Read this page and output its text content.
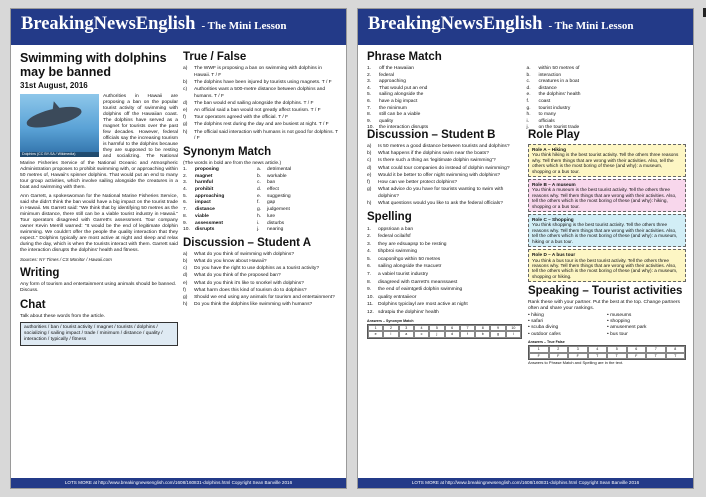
BreakingNewsEnglish - The Mini Lesson
Swimming with dolphins may be banned
31st August, 2016
Dolphins (CC BY-SA / Wikimedia)

Authorities in Hawaii are proposing a ban on the popular tourist activity of swimming with dolphins off the Hawaiian coast. The dolphins have served as a magnet for tourists over the past few decades. However, federal officials say the increasing tourism is harmful to the dolphins because they are supposed to be resting and socializing. The National Marine Fisheries Service of the National Oceanic and Atmospheric Administration proposes to prohibit swimming with, or approaching within 50 metres of, Hawaii's spinner dolphins. That would put an end to many tour group activities, which involve sailing alongside the creatures in a boat and swimming with them.

Ann Garrett, a spokeswoman for the National Marine Fisheries Service, said she didn't think the ban would have a big impact on the tourist trade in Hawaii. Ms Garrett said: "We think that by identifying 50 metres as the minimum distance, there still can be a viable tourist industry in Hawaii." Tour operators disagreed with Garrett's assessment. Tour company owner Kevin Merrill warned: "It would be the end of legitimate dolphin swimming. We couldn't offer the people the quality interaction that they expect." Dolphins typically are most active at night and sleep and relax during the day, which is when the tourists interact with them. Garrett said the interaction disrupts the dolphins' health and fitness.

Sources: NY Times / CS Monitor / Hawaii.com

Writing
Any form of tourism and entertainment using animals should be banned. Discuss.
Chat
Talk about these words from the article.
authorities / ban / tourist activity / magnet / tourists / dolphins / socializing / sailing impact / trade / minimum / distance / quality / interaction / typically / fitness
True / False
a)	The WWF is proposing a ban on swimming with dolphins in Hawaii. T / F
b)	The dolphins have been injured by tourists using magnets. T / F
c)	Authorities want a 500-metre distance between dolphins and humans. T / F
d)	The ban would end sailing alongside the dolphins. T / F
e)	An official said a ban would not greatly affect tourism. T / F
f)	Tour operators agreed with the official. T / F
g)	The dolphins rest during the day and are busiest at night. T / F
h)	The official said interaction with humans is not good for dolphins. T / F
Synonym Match
(The words in bold are from the news article.)
1.	proposing	a.	detrimental
2.	magnet	b.	workable
3.	harmful	c.	ban
4.	prohibit	d.	effect
5.	approaching	e.	suggesting
6.	impact	f.	gap
7.	distance	g.	judgement
8.	viable	h.	lure
9.	assessment	i.	disturbs
10.	disrupts	j.	nearing
Discussion – Student A
a)	What do you think of swimming with dolphins?
b)	What do you know about Hawaii?
c)	Do you have the right to use dolphins as a tourist activity?
d)	What do you think of the proposed ban?
e)	What do you think it's like to snorkel with dolphins?
f)	What harm does this kind of tourism do to dolphins?
g)	Should we end using any animals for tourism and entertainment?
h)	Do you think the dolphins like swimming with humans?
LOTS MORE at http://www.breakingnewsenglish.com/1608/160831-dolphins.html Copyright Sean Banville 2016
BreakingNewsEnglish - The Mini Lesson
Phrase Match
1.	off the Hawaiian	a.	within 50 metres of
2.	federal	b.	interaction
3.	approaching	c.	creatures in a boat
4.	That would put an end	d.	distance
5.	sailing alongside the	e.	the dolphins' health
6.	have a big impact	f.	coast
7.	the minimum	g.	tourist industry
8.	still can be a viable	h.	to many
9.	quality	i.	officials
10.	the interaction disrupts	j.	on the tourist trade
Discussion – Student B
a)	Is 50 metres a good distance between tourists and dolphins?
b)	What happens if the dolphins swim near the boats?
c)	Is there such a thing as 'legitimate dolphin swimming'?
d)	What could tour companies do instead of dolphin swimming?
e)	Would it be better to offer night swimming with dolphins?
f)	How can we better protect dolphins?
g)	What advice do you have for tourists wanting to swim with dolphins?
h)	What questions would you like to ask the federal officials?
Spelling
1.	oppsrioan a ban
2.	federal ocilaifsf
3.	they are edsuapsp to be resting
4.	tihpbroi swimming
5.	ocaponihgo within 50 metres
6.	sailing alongside the rsacuetr
7.	a vabiel tourist industry
8.	disagreed with Garrett's meanssaest
9.	the end of eaimtgetli dolphin swimming
10. quality entntaiieor
11. Dolphins typiclayl are most active at night
12. sdratpiu the dolphins' health
Answers – Synonym Match
1	2	3	4	5	6	7	8	9	10
e	l	a	c	j	d	f	b	g	i
Role Play
Role A – Hiking
You think hiking is the best tourist activity. Tell the others three reasons why. Tell them things that are wrong with their activities. Also, tell the others which is the most boring of these (and why): a museum, shopping or a bus tour.
Role B – A museum
You think a museum is the best tourist activity. Tell the others three reasons why. Tell them things that are wrong with their activities. Also, tell the others which is the most boring of these (and why): hiking, shopping or a bus tour.
Role C – Shopping
You think shopping is the best tourist activity. Tell the others three reasons why. Tell them things that are wrong with their activities. Also, tell the others which is the most boring of these (and why): a museum, hiking or a bus tour.
Role D – A bus tour
You think a bus tour is the best tourist activity. Tell the others three reasons why. Tell them things that are wrong with their activities. Also, tell the others which is the most boring of these (and why): a museum, shopping or hiking.
Speaking – Tourist activities
Rank these with your partner. Put the best at the top. Change partners often and share your rankings.
• hiking	• museums
• safari	• shopping
• scuba diving	• amusement park
• outdoor cafes	• bus tour
Answers – True False
1	2	3	4	5	6	7	8
F	F	F	T	T	F	T	T
Answers to Phrase Match and Spelling are in the text.
LOTS MORE at http://www.breakingnewsenglish.com/1608/160831-dolphins.html Copyright Sean Banville 2016
